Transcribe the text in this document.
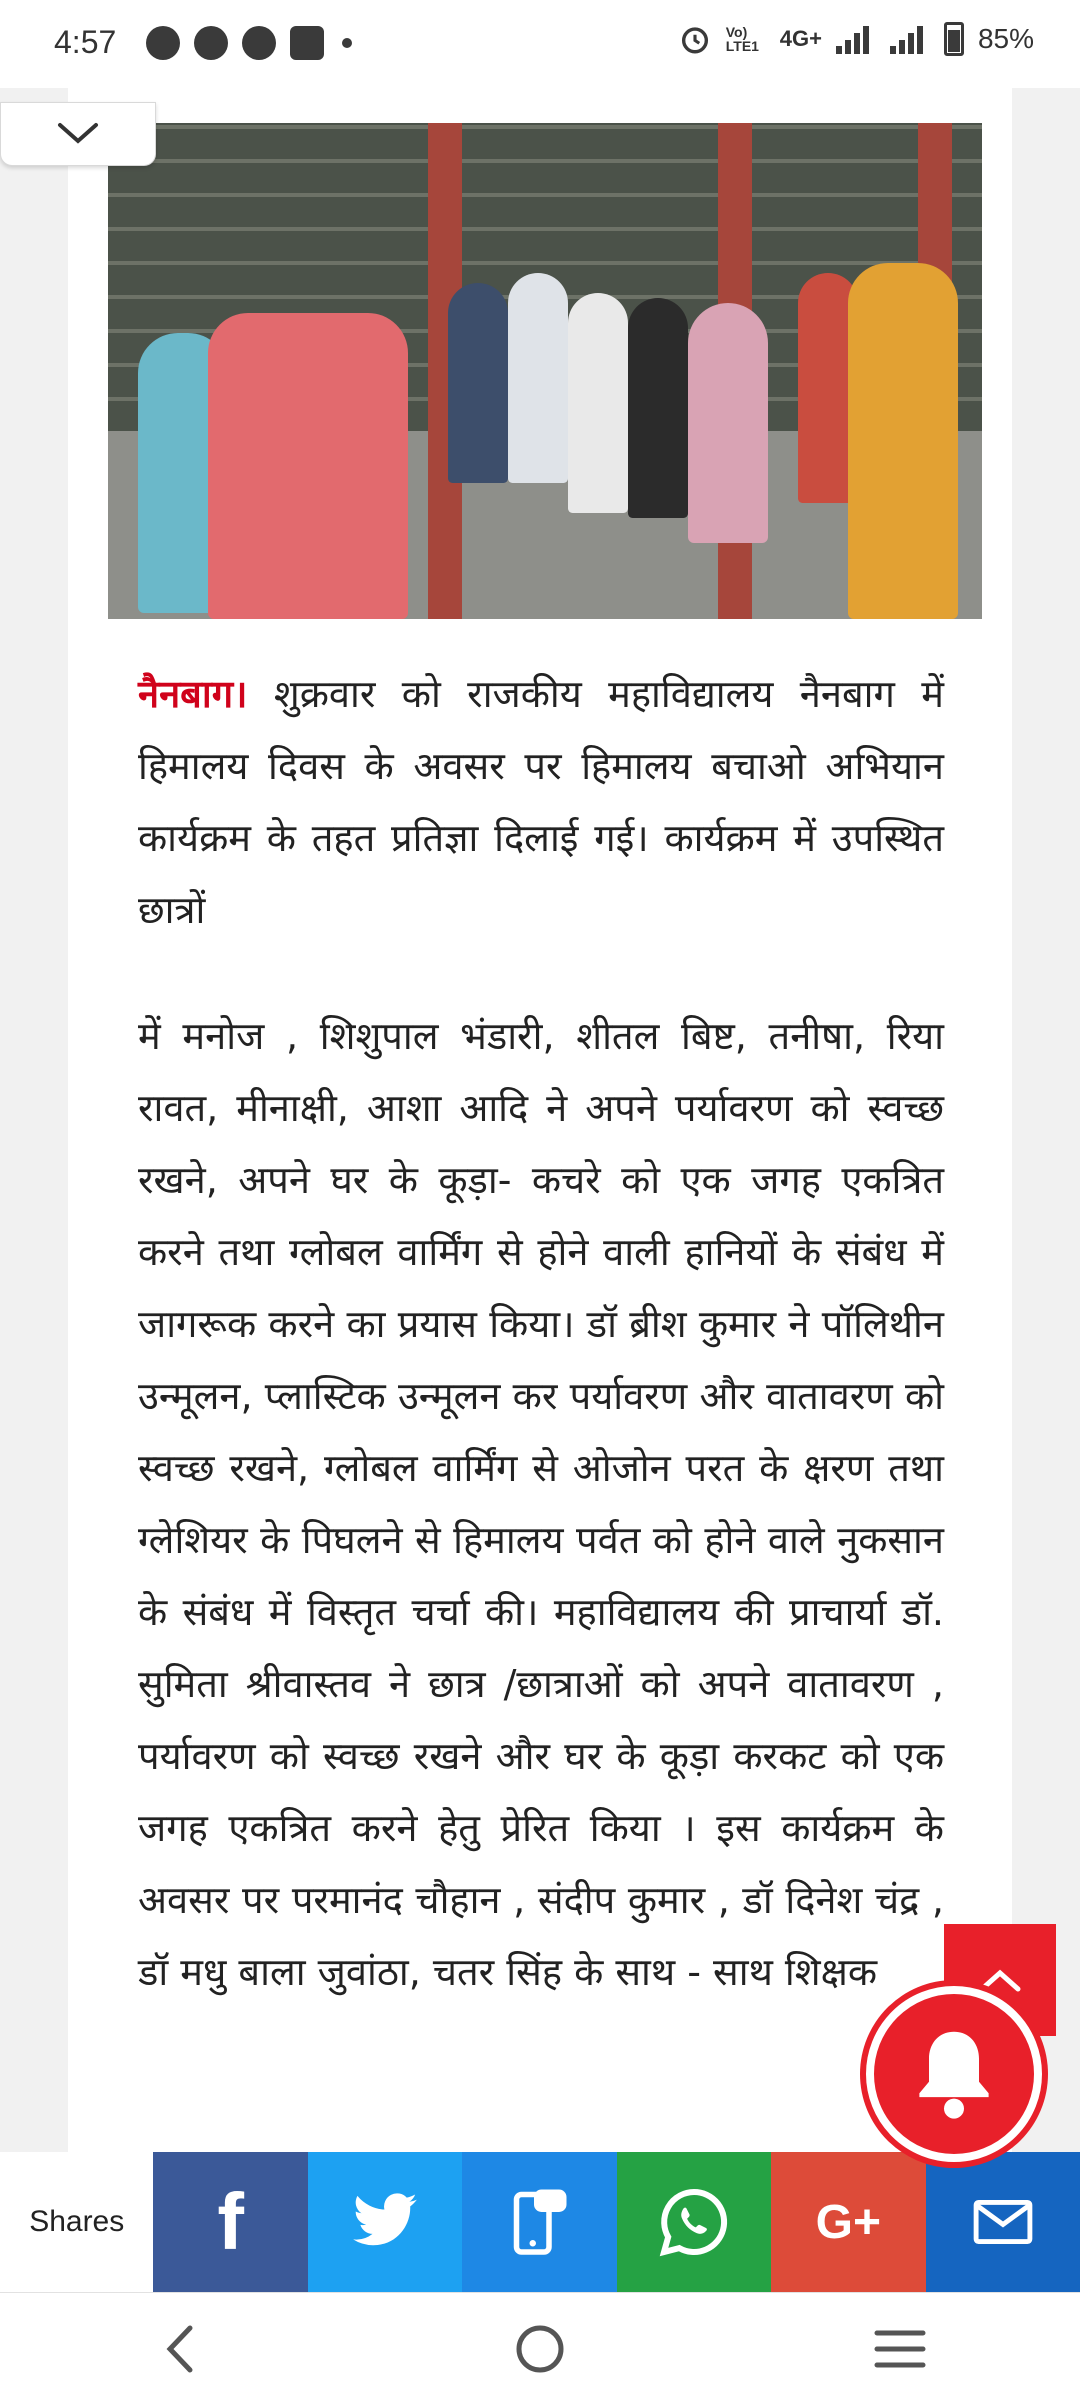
4:57	Vo) LTE1 4G+	85%
नैनबाग। शुक्रवार को राजकीय महाविद्यालय नैनबाग में हिमालय दिवस के अवसर पर हिमालय बचाओ अभियान कार्यक्रम के तहत प्रतिज्ञा दिलाई गई। कार्यक्रम में उपस्थित छात्रों
में मनोज , शिशुपाल भंडारी, शीतल बिष्ट, तनीषा, रिया रावत, मीनाक्षी, आशा आदि ने अपने पर्यावरण को स्वच्छ रखने, अपने घर के कूड़ा- कचरे को एक जगह एकत्रित करने तथा ग्लोबल वार्मिंग से होने वाली हानियों के संबंध में जागरूक करने का प्रयास किया। डॉ ब्रीश कुमार ने पॉलिथीन उन्मूलन, प्लास्टिक उन्मूलन कर पर्यावरण और वातावरण को स्वच्छ रखने, ग्लोबल वार्मिंग से ओजोन परत के क्षरण तथा ग्लेशियर के पिघलने से हिमालय पर्वत को होने वाले नुकसान के संबंध में विस्तृत चर्चा की। महाविद्यालय की प्राचार्या डॉ. सुमिता श्रीवास्तव ने छात्र /छात्राओं को अपने वातावरण , पर्यावरण को स्वच्छ रखने और घर के कूड़ा करकट को एक जगह एकत्रित करने हेतु प्रेरित किया । इस कार्यक्रम के अवसर पर परमानंद चौहान , संदीप कुमार , डॉ दिनेश चंद्र , डॉ मधु बाला जुवांठा, चतर सिंह के साथ - साथ शिक्षक
Shares	f	G+
